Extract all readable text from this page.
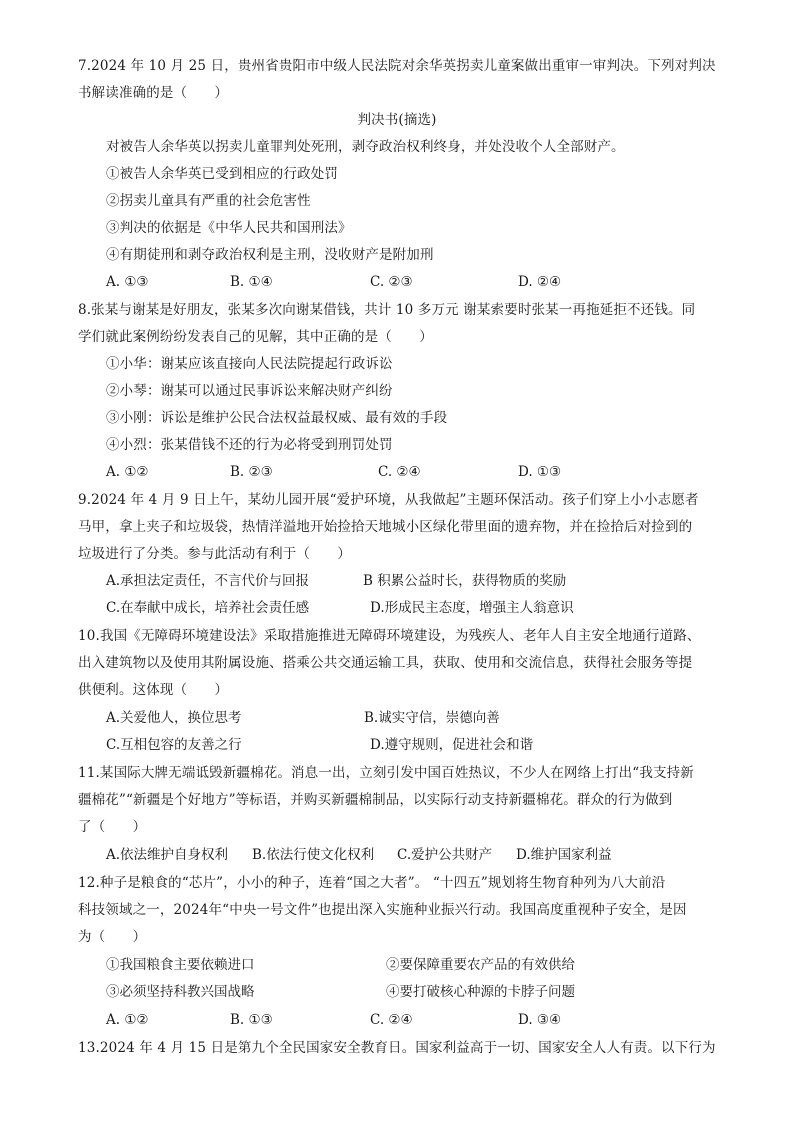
7.2024 年 10 月 25 日，贵州省贵阳市中级人民法院对余华英拐卖儿童案做出重审一审判决。下列对判决
书解读准确的是（　　）
判决书(摘选)
对被告人余华英以拐卖儿童罪判处死刑，剥夺政治权利终身，并处没收个人全部财产。
①被告人余华英已受到相应的行政处罚
②拐卖儿童具有严重的社会危害性
③判决的依据是《中华人民共和国刑法》
④有期徒刑和剥夺政治权利是主刑，没收财产是附加刑
A. ①③	B. ①④	C. ②③	D. ②④
8.张某与谢某是好朋友，张某多次向谢某借钱，共计 10 多万元 谢某索要时张某一再拖延拒不还钱。同
学们就此案例纷纷发表自己的见解，其中正确的是（　　）
①小华：谢某应该直接向人民法院提起行政诉讼
②小琴：谢某可以通过民事诉讼来解决财产纠纷
③小刚：诉讼是维护公民合法权益最权威、最有效的手段
④小烈：张某借钱不还的行为必将受到刑罚处罚
A. ①②	B. ②③	C. ②④	D. ①③
9.2024 年 4 月 9 日上午，某幼儿园开展“爱护环境，从我做起”主题环保活动。孩子们穿上小小志愿者
马甲，拿上夹子和垃圾袋，热情洋溢地开始捡拾天地城小区绿化带里面的遗弃物，并在捡拾后对捡到的
垃圾进行了分类。参与此活动有利于（　　）
A.承担法定责任，不言代价与回报	B 积累公益时长，获得物质的奖励
C.在奉献中成长，培养社会责任感	D.形成民主态度，增强主人翁意识
10.我国《无障碍环境建设法》采取措施推进无障碍环境建设，为残疾人、老年人自主安全地通行道路、
出入建筑物以及使用其附属设施、搭乘公共交通运输工具，获取、使用和交流信息，获得社会服务等提
供便利。这体现（　　）
A.关爱他人，换位思考	B.诚实守信，崇德向善
C.互相包容的友善之行	D.遵守规则，促进社会和谐
11.某国际大牌无端诋毁新疆棉花。消息一出，立刻引发中国百姓热议，不少人在网络上打出“我支持新
疆棉花”“新疆是个好地方”等标语，并购买新疆棉制品，以实际行动支持新疆棉花。群众的行为做到
了（　　）
A.依法维护自身权利 B.依法行使文化权利 C.爱护公共财产 D.维护国家利益
12.种子是粮食的“芯片”，小小的种子，连着“国之大者”。 “十四五”规划将生物育种列为八大前沿
科技领域之一，2024年“中央一号文件”也提出深入实施种业振兴行动。我国高度重视种子安全，是因
为（　　）
①我国粮食主要依赖进口	②要保障重要农产品的有效供给
③必须坚持科教兴国战略	④要打破核心种源的卡脖子问题
A. ①②	B. ①③	C. ②④	D. ③④
13.2024 年 4 月 15 日是第九个全民国家安全教育日。国家利益高于一切、国家安全人人有责。以下行为
